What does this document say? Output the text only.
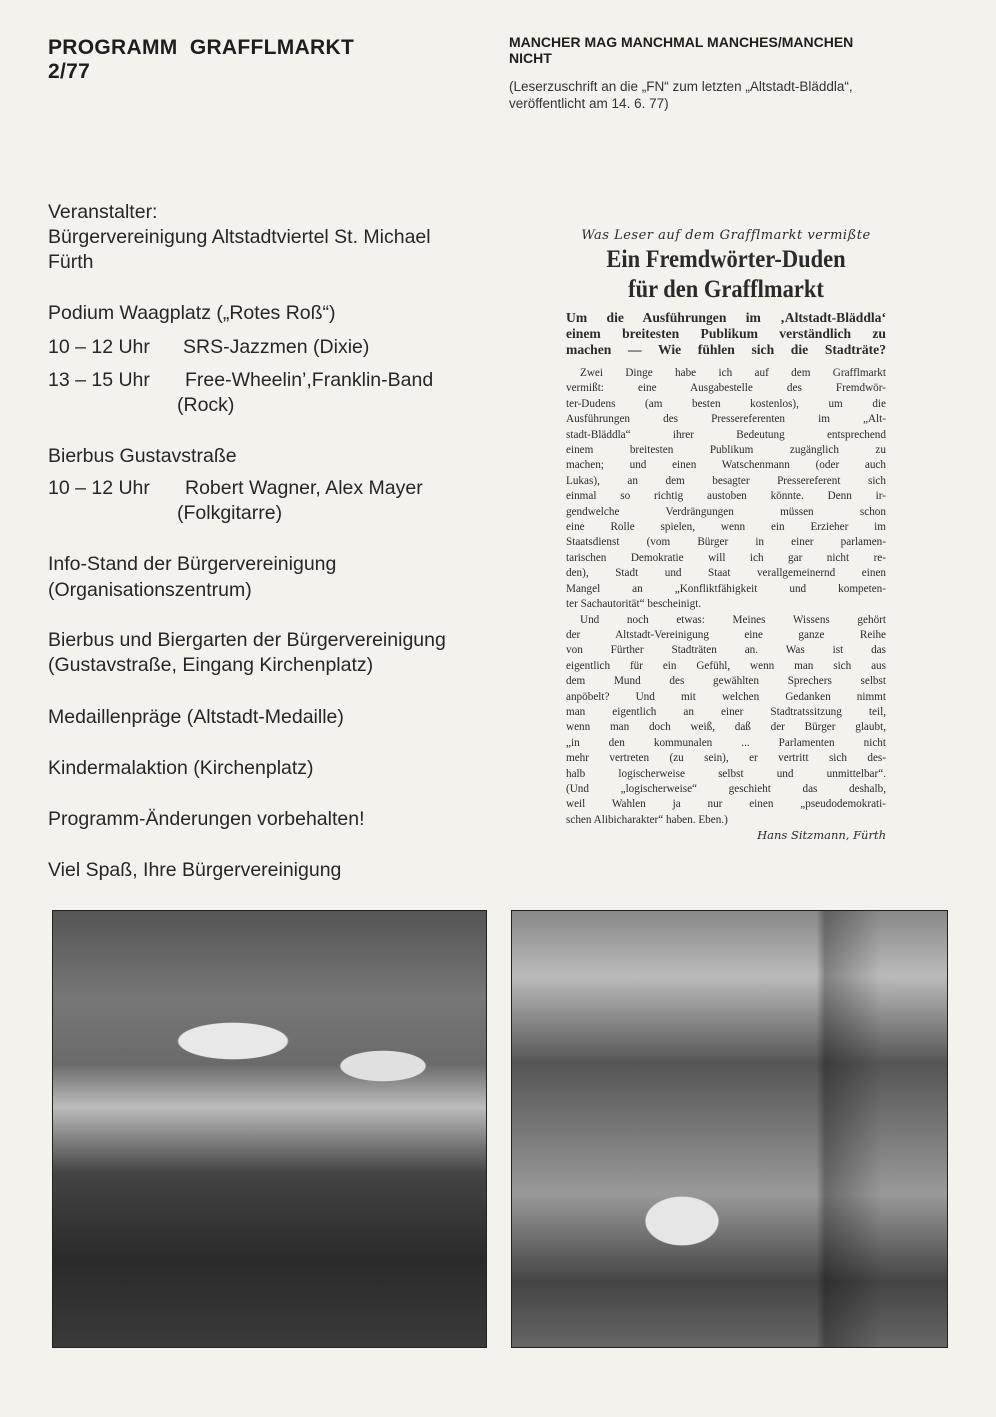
PROGRAMM  GRAFFLMARKT
2/77
MANCHER MAG MANCHMAL MANCHES/MANCHEN
NICHT
(Leserzuschrift an die „FN“ zum letzten „Altstadt-Bläddla“,
veröffentlicht am 14. 6. 77)
Veranstalter:
Bürgervereinigung Altstadtviertel St. Michael
Fürth
Podium Waagplatz („Rotes Roß“)
10 – 12 Uhr SRS-Jazzmen (Dixie)
13 – 15 Uhr Free-Wheelin’,Franklin-Band
(Rock)
Bierbus Gustavstraße
10 – 12 Uhr Robert Wagner, Alex Mayer
(Folkgitarre)
Info-Stand der Bürgervereinigung
(Organisationszentrum)
Bierbus und Biergarten der Bürgervereinigung
(Gustavstraße, Eingang Kirchenplatz)
Medaillenpräge (Altstadt-Medaille)
Kindermalaktion (Kirchenplatz)
Programm-Änderungen vorbehalten!
Viel Spaß, Ihre Bürgervereinigung
Was Leser auf dem Grafflmarkt vermißte
Ein Fremdwörter-Duden
für den Grafflmarkt
Um die Ausführungen im ‚Altstadt-Bläddla‘
einem breitesten Publikum verständlich zu
machen — Wie fühlen sich die Stadträte?
Zwei Dinge habe ich auf dem Grafflmarkt
vermißt: eine Ausgabestelle des Fremdwör-
ter-Dudens (am besten kostenlos), um die
Ausführungen des Pressereferenten im „Alt-
stadt-Bläddla“ ihrer Bedeutung entsprechend
einem breitesten Publikum zugänglich zu
machen; und einen Watschenmann (oder auch
Lukas), an dem besagter Pressereferent sich
einmal so richtig austoben könnte. Denn ir-
gendwelche Verdrängungen müssen schon
eine Rolle spielen, wenn ein Erzieher im
Staatsdienst (vom Bürger in einer parlamen-
tarischen Demokratie will ich gar nicht re-
den), Stadt und Staat verallgemeinernd einen
Mangel an „Konfliktfähigkeit und kompeten-
ter Sachautorität“ bescheinigt.
Und noch etwas: Meines Wissens gehört
der Altstadt-Vereinigung eine ganze Reihe
von Fürther Stadträten an. Was ist das
eigentlich für ein Gefühl, wenn man sich aus
dem Mund des gewählten Sprechers selbst
anpöbelt? Und mit welchen Gedanken nimmt
man eigentlich an einer Stadtratssitzung teil,
wenn man doch weiß, daß der Bürger glaubt,
„in den kommunalen ... Parlamenten nicht
mehr vertreten (zu sein), er vertritt sich des-
halb logischerweise selbst und unmittelbar“.
(Und „logischerweise“ geschieht das deshalb,
weil Wahlen ja nur einen „pseudodemokrati-
schen Alibicharakter“ haben. Eben.)
Hans Sitzmann, Fürth
